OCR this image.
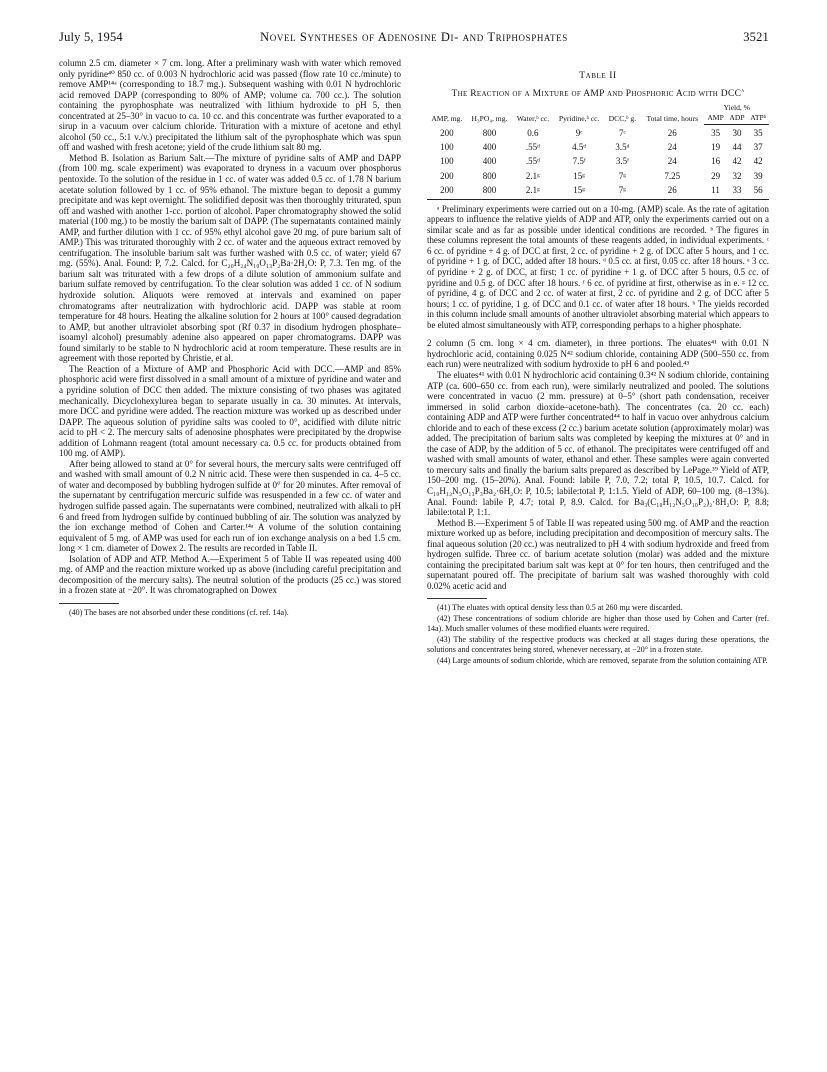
July 5, 1954	Novel Syntheses of Adenosine Di- and Triphosphates	3521

column 2.5 cm. diameter × 7 cm. long. After a preliminary wash with water which removed only pyridine⁴⁰ 850 cc. of 0.003 N hydrochloric acid was passed (flow rate 10 cc./minute) to remove AMP¹⁴ᵃ (corresponding to 18.7 mg.). Subsequent washing with 0.01 N hydrochloric acid removed DAPP (corresponding to 80% of AMP; volume ca. 700 cc.). The solution containing the pyrophosphate was neutralized with lithium hydroxide to pH 5, then concentrated at 25–30° in vacuo to ca. 10 cc. and this concentrate was further evaporated to a sirup in a vacuum over calcium chloride. Trituration with a mixture of acetone and ethyl alcohol (50 cc., 5:1 v./v.) precipitated the lithium salt of the pyrophosphate which was spun off and washed with fresh acetone; yield of the crude lithium salt 80 mg.

Method B. Isolation as Barium Salt.—The mixture of pyridine salts of AMP and DAPP (from 100 mg. scale experiment) was evaporated to dryness in a vacuum over phosphorus pentoxide. To the solution of the residue in 1 cc. of water was added 0.5 cc. of 1.78 N barium acetate solution followed by 1 cc. of 95% ethanol. The mixture began to deposit a gummy precipitate and was kept overnight. The solidified deposit was then thoroughly triturated, spun off and washed with another 1-cc. portion of alcohol. Paper chromatography showed the solid material (100 mg.) to be mostly the barium salt of DAPP. (The supernatants contained mainly AMP, and further dilution with 1 cc. of 95% ethyl alcohol gave 20 mg. of pure barium salt of AMP.) This was triturated thoroughly with 2 cc. of water and the aqueous extract removed by centrifugation. The insoluble barium salt was further washed with 0.5 cc. of water; yield 67 mg. (55%). Anal. Found: P, 7.2. Calcd. for C₂₀H₂₄N₁₀O₁₃P₂Ba·2H₂O: P, 7.3. Ten mg. of the barium salt was triturated with a few drops of a dilute solution of ammonium sulfate and barium sulfate removed by centrifugation. To the clear solution was added 1 cc. of N sodium hydroxide solution. Aliquots were removed at intervals and examined on paper chromatograms after neutralization with hydrochloric acid. DAPP was stable at room temperature for 48 hours. Heating the alkaline solution for 2 hours at 100° caused degradation to AMP, but another ultraviolet absorbing spot (Rf 0.37 in disodium hydrogen phosphate–isoamyl alcohol) presumably adenine also appeared on paper chromatograms. DAPP was found similarly to be stable to N hydrochloric acid at room temperature. These results are in agreement with those reported by Christie, et al.

The Reaction of a Mixture of AMP and Phosphoric Acid with DCC.—AMP and 85% phosphoric acid were first dissolved in a small amount of a mixture of pyridine and water and a pyridine solution of DCC then added. The mixture consisting of two phases was agitated mechanically. Dicyclohexylurea began to separate usually in ca. 30 minutes. At intervals, more DCC and pyridine were added. The reaction mixture was worked up as described under DAPP. The aqueous solution of pyridine salts was cooled to 0°, acidified with dilute nitric acid to pH < 2. The mercury salts of adenosine phosphates were precipitated by the dropwise addition of Lohmann reagent (total amount necessary ca. 0.5 cc. for products obtained from 100 mg. of AMP).

After being allowed to stand at 0° for several hours, the mercury salts were centrifuged off and washed with small amount of 0.2 N nitric acid. These were then suspended in ca. 4–5 cc. of water and decomposed by bubbling hydrogen sulfide at 0° for 20 minutes. After removal of the supernatant by centrifugation mercuric sulfide was resuspended in a few cc. of water and hydrogen sulfide passed again. The supernatants were combined, neutralized with alkali to pH 6 and freed from hydrogen sulfide by continued bubbling of air. The solution was analyzed by the ion exchange method of Cohen and Carter.¹⁴ᵃ A volume of the solution containing equivalent of 5 mg. of AMP was used for each run of ion exchange analysis on a bed 1.5 cm. long × 1 cm. diameter of Dowex 2. The results are recorded in Table II.

Isolation of ADP and ATP. Method A.—Experiment 5 of Table II was repeated using 400 mg. of AMP and the reaction mixture worked up as above (including careful precipitation and decomposition of the mercury salts). The neutral solution of the products (25 cc.) was stored in a frozen state at −20°. It was chromatographed on Dowex

(40) The bases are not absorbed under these conditions (cf. ref. 14a).

Table II
The Reaction of a Mixture of AMP and Phosphoric Acid with DCC$^a$
AMP, mg.	H₃PO₄, mg.	Water,ᵇ cc.	Pyridine,ᵇ cc.	DCC,ᵇ g.	Total time, hours	Yield, %		
						AMP	ADP	ATPʰ
200	800	0.6	9ᶜ	7ᶜ	26	35	30	35
100	400	.55ᵈ	4.5ᵈ	3.5ᵈ	24	19	44	37
100	400	.55ᵈ	7.5ᶠ	3.5ᶠ	24	16	42	42
200	800	2.1ᵍ	15ᵍ	7ᵍ	7.25	29	32	39
200	800	2.1ᵍ	15ᵍ	7ᵍ	26	11	33	56

ᵃ Preliminary experiments were carried out on a 10-mg. (AMP) scale. As the rate of agitation appears to influence the relative yields of ADP and ATP, only the experiments carried out on a similar scale and as far as possible under identical conditions are recorded. ᵇ The figures in these columns represent the total amounts of these reagents added, in individual experiments. ᶜ 6 cc. of pyridine + 4 g. of DCC at first, 2 cc. of pyridine + 2 g. of DCC after 5 hours, and 1 cc. of pyridine + 1 g. of DCC, added after 18 hours. ᵈ 0.5 cc. at first, 0.05 cc. after 18 hours. ᵉ 3 cc. of pyridine + 2 g. of DCC, at first; 1 cc. of pyridine + 1 g. of DCC after 5 hours, 0.5 cc. of pyridine and 0.5 g. of DCC after 18 hours. ᶠ 6 cc. of pyridine at first, otherwise as in e. ᵍ 12 cc. of pyridine, 4 g. of DCC and 2 cc. of water at first, 2 cc. of pyridine and 2 g. of DCC after 5 hours; 1 cc. of pyridine, 1 g. of DCC and 0.1 cc. of water after 18 hours. ʰ The yields recorded in this column include small amounts of another ultraviolet absorbing material which appears to be eluted almost simultaneously with ATP, corresponding perhaps to a higher phosphate.

2 column (5 cm. long × 4 cm. diameter), in three portions. The eluates⁴¹ with 0.01 N hydrochloric acid, containing 0.025 N⁴² sodium chloride, containing ADP (500–550 cc. from each run) were neutralized with sodium hydroxide to pH 6 and pooled.⁴³

The eluates⁴¹ with 0.01 N hydrochloric acid containing 0.3⁴² N sodium chloride, containing ATP (ca. 600–650 cc. from each run), were similarly neutralized and pooled. The solutions were concentrated in vacuo (2 mm. pressure) at 0–5° (short path condensation, receiver immersed in solid carbon dioxide–acetone-bath). The concentrates (ca. 20 cc. each) containing ADP and ATP were further concentrated⁴⁴ to half in vacuo over anhydrous calcium chloride and to each of these excess (2 cc.) barium acetate solution (approximately molar) was added. The precipitation of barium salts was completed by keeping the mixtures at 0° and in the case of ADP, by the addition of 5 cc. of ethanol. The precipitates were centrifuged off and washed with small amounts of water, ethanol and ether. These samples were again converted to mercury salts and finally the barium salts prepared as described by LePage.³⁹ Yield of ATP, 150–200 mg. (15–20%). Anal. Found: labile P, 7.0, 7.2; total P, 10.5, 10.7. Calcd. for C₁₀H₁₂N₅O₁₃P₃Ba₂·6H₂O: P, 10.5; labile:total P, 1:1.5. Yield of ADP, 60–100 mg. (8–13%). Anal. Found: labile P, 4.7; total P, 8.9. Calcd. for Ba₃(C₁₀H₁₂N₅O₁₀P₂)₂·8H₂O: P, 8.8; labile:total P, 1:1.

Method B.—Experiment 5 of Table II was repeated using 500 mg. of AMP and the reaction mixture worked up as before, including precipitation and decomposition of mercury salts. The final aqueous solution (20 cc.) was neutralized to pH 4 with sodium hydroxide and freed from hydrogen sulfide. Three cc. of barium acetate solution (molar) was added and the mixture containing the precipitated barium salt was kept at 0° for ten hours, then centrifuged and the supernatant poured off. The precipitate of barium salt was washed thoroughly with cold 0.02% acetic acid and

(41) The eluates with optical density less than 0.5 at 260 mμ were discarded.

(42) These concentrations of sodium chloride are higher than those used by Cohen and Carter (ref. 14a). Much smaller volumes of these modified eluants were required.

(43) The stability of the respective products was checked at all stages during these operations, the solutions and concentrates being stored, whenever necessary, at −20° in a frozen state.

(44) Large amounts of sodium chloride, which are removed, separate from the solution containing ATP.
